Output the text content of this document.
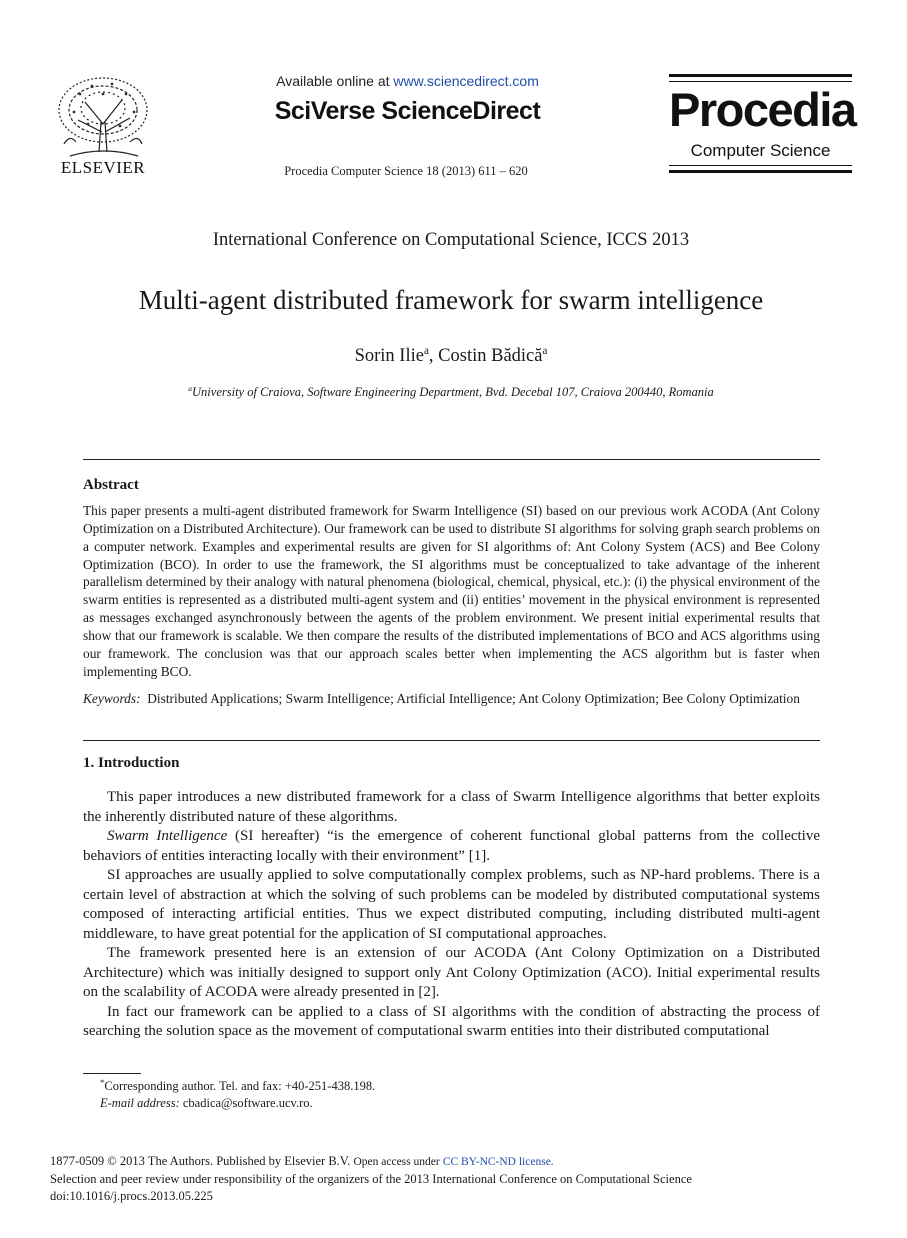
ELSEVIER
Available online at www.sciencedirect.com
SciVerse ScienceDirect
Procedia Computer Science 18 (2013) 611 – 620
Procedia
Computer Science
International Conference on Computational Science, ICCS 2013
Multi-agent distributed framework for swarm intelligence
Sorin Ilie$^a$, Costin Bădică$^a$
$^a$University of Craiova, Software Engineering Department, Bvd. Decebal 107, Craiova 200440, Romania
Abstract

This paper presents a multi-agent distributed framework for Swarm Intelligence (SI) based on our previous work ACODA (Ant Colony Optimization on a Distributed Architecture). Our framework can be used to distribute SI algorithms for solving graph search problems on a computer network. Examples and experimental results are given for SI algorithms of: Ant Colony System (ACS) and Bee Colony Optimization (BCO). In order to use the framework, the SI algorithms must be conceptualized to take advantage of the inherent parallelism determined by their analogy with natural phenomena (biological, chemical, physical, etc.): (i) the physical environment of the swarm entities is represented as a distributed multi-agent system and (ii) entities’ movement in the physical environment is represented as messages exchanged asynchronously between the agents of the problem environment. We present initial experimental results that show that our framework is scalable. We then compare the results of the distributed implementations of BCO and ACS algorithms using our framework. The conclusion was that our approach scales better when implementing the ACS algorithm but is faster when implementing BCO.

Keywords: Distributed Applications; Swarm Intelligence; Artificial Intelligence; Ant Colony Optimization; Bee Colony Optimization

1. Introduction

This paper introduces a new distributed framework for a class of Swarm Intelligence algorithms that better exploits the inherently distributed nature of these algorithms.

Swarm Intelligence (SI hereafter) “is the emergence of coherent functional global patterns from the collective behaviors of entities interacting locally with their environment” [1].

SI approaches are usually applied to solve computationally complex problems, such as NP-hard problems. There is a certain level of abstraction at which the solving of such problems can be modeled by distributed computational systems composed of interacting artificial entities. Thus we expect distributed computing, including distributed multi-agent middleware, to have great potential for the application of SI computational approaches.

The framework presented here is an extension of our ACODA (Ant Colony Optimization on a Distributed Architecture) which was initially designed to support only Ant Colony Optimization (ACO). Initial experimental results on the scalability of ACODA were already presented in [2].

In fact our framework can be applied to a class of SI algorithms with the condition of abstracting the process of searching the solution space as the movement of computational swarm entities into their distributed computational

*Corresponding author. Tel. and fax: +40-251-438.198.
E-mail address: cbadica@software.ucv.ro.
1877-0509 © 2013 The Authors. Published by Elsevier B.V. Open access under CC BY-NC-ND license.
Selection and peer review under responsibility of the organizers of the 2013 International Conference on Computational Science
doi:10.1016/j.procs.2013.05.225
